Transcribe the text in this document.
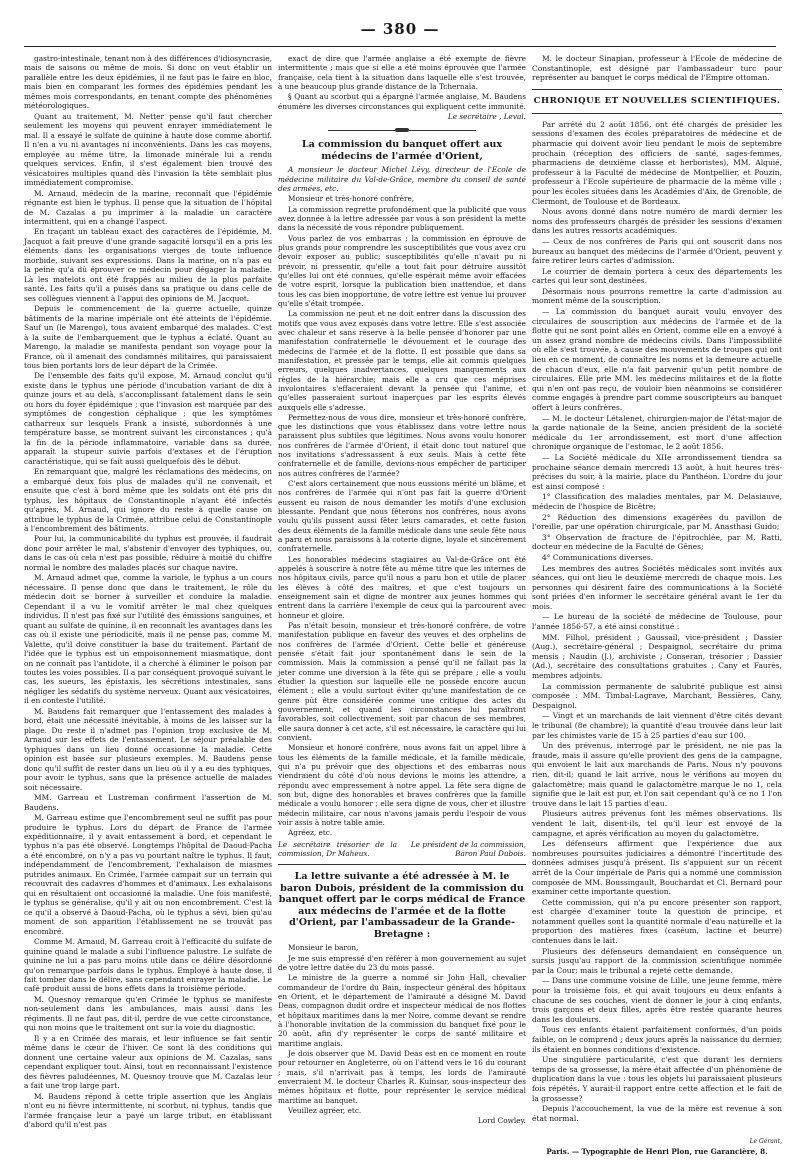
— 380 —

gastro-intestinale, tenant non à des différences d'idiosyncrasie, mais de saisons ou même de mois. Si donc on veut établir un parallèle entre les deux épidémies, il ne faut pas le faire en bloc, mais bien en comparant les formes des épidémies pendant les mêmes mois correspondants, en tenant compte des phénomènes météorologiques.

Quant au traitement, M. Netter pense qu'il faut chercher seulement les moyens qui peuvent enrayer immédiatement le mal. Il a essayé le sulfate de quinine à haute dose comme abortif. Il n'en a vu ni avantages ni inconvénients. Dans les cas moyens, employée au même titre, la limonade minérale lui a rendu quelques services. Enfin, il s'est également bien trouvé des vésicatoires multiples quand dès l'invasion la tête semblait plus immédiatement compromise.

M. Arnaud, médecin de la marine, reconnaît que l'épidémie régnante est bien le typhus. Il pense que la situation de l'hôpital de M. Cazalas a pu imprimer à la maladie un caractère intermittent, qui en a changé l'aspect.

En traçant un tableau exact des caractères de l'épidémie, M. Jacquot a fait preuve d'une grande sagacité lorsqu'il en a pris les éléments dans les organisations vierges de toute influence morbide, suivant ses expressions. Dans la marine, on n'a pas eu la peine qu'a dû éprouver ce médecin pour dégager la maladie. Là les matelots ont été frappés au milieu de la plus parfaite santé. Les faits qu'il a puisés dans sa pratique ou dans celle de ses collègues viennent à l'appui des opinions de M. Jacquot.

Depuis le commencement de la guerre actuelle, quinze bâtiments de la marine impériale ont été atteints de l'épidémie. Sauf un (le Marengo), tous avaient embarqué des malades. C'est à la suite de l'embarquement que le typhus a éclaté. Quant au Marengo, la maladie se manifesta pendant son voyage pour la France, où il amenait des condamnés militaires, qui paraissaient tous bien portants lors de leur départ de la Crimée.

De l'ensemble des faits qu'il expose, M. Arnaud conclut qu'il existe dans le typhus une période d'incubation variant de dix à quinze jours et au delà, s'accomplissant fatalement dans le sein ou hors du foyer épidémique ; que l'invasion est marquée par des symptômes de congestion céphalique ; que les symptômes catharreux sur lesquels Frank a insisté, subordonnés à une température basse, se montrent suivant les circonstances ; qu'à la fin de la période inflammatoire, variable dans sa durée, apparaît la stupeur suivie parfois d'extases et de l'éruption caractéristique, qui se fait aussi quelquefois dès le début.

En remarquant que, malgré les réclamations des médecins, on a embarqué deux fois plus de malades qu'il ne convenait, et ensuite que c'est à bord même que les soldats ont été pris du typhus, les hôpitaux de Constantinople n'ayant été infectés qu'après, M. Arnaud, qui ignore du reste à quelle cause on attribue le typhus de la Crimée, attribue celui de Constantinople à l'encombrement des bâtiments.

Pour lui, la communicabilité du typhus est prouvée, il faudrait donc pour arrêter le mal, s'abstenir d'envoyer des typhiques, ou, dans le cas où cela n'est pas possible, réduire à moitié du chiffre normal le nombre des malades placés sur chaque navire.

M. Arnaud admet que, comme la variole, le typhus a un cours nécessaire. Il pense donc que dans le traitement, le rôle du médecin doit se borner à surveiller et conduire la maladie. Cependant il a vu le vomitif arrêter le mal chez quelques individus. Il n'est pas fixé sur l'utilité des émissions sanguines, et quant au sulfate de quinine, il en reconnaît les avantages dans les cas où il existe une périodicité, mais il ne pense pas, comme M. Valette, qu'il doive constituer la base du traitement. Partant de l'idée que le typhus est un empoisonnement miasmatique, dont on ne connaît pas l'antidote, il a cherché à éliminer le poison par toutes les voies possibles. Il a par conséquent provoqué suivant le cas, les sueurs, les épistaxis, les sécrétions intestinales, sans négliger les sédatifs du système nerveux. Quant aux vésicatoires, il en conteste l'utilité.

M. Baudens fait remarquer que l'entassement des malades à bord, était une nécessité inévitable, à moins de les laisser sur la plage. Du reste il n'admet pas l'opinion trop exclusive de M. Arnaud sur les effets de l'entassement. Le séjour préalable des typhiques dans un lieu donné occasionne la maladie. Cette opinion est basée sur plusieurs exemples. M. Baudens pense donc qu'il suffit de rester dans un lieu où il y a eu des typhiques, pour avoir le typhus, sans que la présence actuelle de malades soit nécessaire.

MM. Garreau et Lustreman confirment l'assertion de M. Baudens.

M. Garreau estime que l'encombrement seul ne suffit pas pour produire le typhus. Lors du départ de France de l'armée expéditionnaire, il y avait entassement à bord, et cependant le typhus n'a pas été observé. Longtemps l'hôpital de Daoud-Pacha a été encombré, on n'y a pas vu pourtant naître le typhus. Il faut, indépendamment de l'encombrement, l'exhalaison de miasmes putrides animaux. En Crimée, l'armée campait sur un terrain qui recouvrait des cadavres d'hommes et d'animaux. Les exhalaisons qui en résultaient ont occasionné la maladie. Une fois manifesté, le typhus se généralise, qu'il y ait ou non encombrement. C'est là ce qu'il a observé à Daoud-Pacha, où le typhus a sévi, bien qu'au moment de son apparition l'établissement ne se trouvât pas encombré.

Comme M. Arnaud, M. Garreau croit à l'efficacité du sulfate de quinine quand le malade a subi l'influence palustre. Le sulfate de quinine ne lui a pas paru moins utile dans ce délire désordonné qu'on remarque parfois dans le typhus. Employé à haute dose, il fait tomber dans le délire, sans cependant enrayer la maladie. Le café produit aussi de bons effets dans la troisième période.

M. Quesnoy remarque qu'en Crimée le typhus se manifeste non-seulement dans les ambulances, mais aussi dans les régiments. Il ne faut pas, dit-il, perdre de vue cette circonstance, qui non moins que le traitement ont sur la voie du diagnostic.

Il y a en Crimée des marais, et leur influence se fait sentir même dans le cœur de l'hiver. Ce sont là des conditions qui donnent une certaine valeur aux opinions de M. Cazalas, sans cependant expliquer tout. Ainsi, tout en reconnaissant l'existence des fièvres paludéennes, M. Quesnoy trouve que M. Cazalas leur a fait une trop large part.

M. Baudens répond à cette triple assertion que les Anglais n'ont eu ni fièvre intermittente, ni scorbut, ni typhus, tandis que l'armée française leur a payé un large tribut, en établissant d'abord qu'il n'est pas

exact de dire que l'armée anglaise a été exempte de fièvre intermittente ; mais que si elle a été moins éprouvée que l'armée française, cela tient à la situation dans laquelle elle s'est trouvée, à une beaucoup plus grande distance de la Tchernaïa.

§ Quant au scorbut qui a épargné l'armée anglaise, M. Baudens énumère les diverses circonstances qui expliquent cette immunité.

Le secrétaire , Leval.

La commission du banquet offert aux médecins de l'armée d'Orient,

A monsieur le docteur Michel Lévy, directeur de l'Ecole de médecine militaire du Val-de-Grâce, membre du conseil de santé des armées, etc.

Monsieur et très-honoré confrère,

La commission regrette profondément que la publicité que vous avez donnée à la lettre adressée par vous à son président la mette dans la nécessité de vous répondre publiquement.

Vous parlez de vos embarras ; la commission en éprouve de plus grands pour comprendre les susceptibilités que vous avez cru devoir exposer au public; susceptibilités qu'elle n'avait pu ni prévoir, ni pressentir, qu'elle a tout fait pour détruire aussitôt qu'elles lui ont été connues, qu'elle espérait même avoir effacées de votre esprit, lorsque la publication bien inattendue, et dans tous les cas bien inopportune, de votre lettre est venue lui prouver qu'elle s'était trompée.

La commission ne peut et ne doit entrer dans la discussion des motifs que vous avez exposés dans votre lettre. Elle s'est associée avec chaleur et sans réserve à la belle pensée d'honorer par une manifestation confraternelle le dévouement et le courage des médecins de l'armée et de la flotte. Il est possible que dans sa manifestation, et pressée par le temps, elle ait commis quelques erreurs, quelques inadvertances, quelques manquements aux règles de la hiérarchie; mais elle a cru que ces méprises involontaires s'effaceraient devant la pensée qui l'anime, et qu'elles passeraient surtout inaperçues par les esprits élevés auxquels elle s'adresse.

Permettez-nous de vous dire, monsieur et très-honoré confrère, que les distinctions que vous établissez dans votre lettre nous paraissent plus subtiles que légitimes. Nous avons voulu honorer nos confrères de l'armée d'Orient, il était donc tout naturel que nos invitations s'adressassent à eux seuls. Mais à cette fête confraternelle et de famille, devions-nous empêcher de participer nos autres confrères de l'armée?

C'est alors certainement que nous eussions mérité un blâme, et nos confrères de l'armée qui n'ont pas fait la guerre d'Orient eussent eu raison de nous demander les motifs d'une exclusion blessante. Pendant que nous fêterons nos confrères, nous avons voulu qu'ils pussent aussi fêter leurs camarades, et cette fusion des deux éléments de la famille médicale dans une seule fête nous a paru et nous paraissons à la coterie digne, loyale et sincèrement confraternelle.

Les honorables médecins stagiaires au Val-de-Grâce ont été appelés à souscrire à notre fête au même titre que les internes de nos hôpitaux civils, parce qu'il nous a paru bon et utile de placer les élèves à côté des maîtres, et que c'est toujours un enseignement sain et digne de montrer aux jeunes hommes qui entrent dans la carrière l'exemple de ceux qui la parcourent avec honneur et gloire.

Pas n'était besoin, monsieur et très-honoré confrère, de votre manifestation publique en faveur des veuves et des orphelins de nos confrères de l'armée d'Orient. Cette belle et généreuse pensée s'était fait jour spontanément dans le sein de la commission. Mais la commission a pensé qu'il ne fallait pas la jeter comme une diversion à la fête qui se prépare ; elle a voulu étudier la question sur laquelle elle ne possède encore aucun élément ; elle a voulu surtout éviter qu'une manifestation de ce genre pût être considérée comme une critique des actes du gouvernement, et quand les circonstances lui paraîtront favorables, soit collectivement, soit par chacun de ses membres, elle saura donner à cet acte, s'il est nécessaire, le caractère qui lui convient.

Monsieur et honoré confrère, nous avons fait un appel libre à tous les éléments de la famille médicale, et la famille médicale, qui n'a pu prévoir que des objections et des embarras nous viendraient du côté d'où nous devions le moins les attendre, a répondu avec empressement à notre appel. La fête sera digne de son but, digne des honorables et braves confrères que la famille médicale a voulu honorer ; elle sera digne de vous, cher et illustre médecin militaire, car nous n'avons jamais perdu l'espoir de vous voir assis à notre table amie.

Agréez, etc.

Le secrétaire trésorier de la commission, Dr Maheux.
Le président de la commission, Baron Paul Dubois.
La lettre suivante a été adressée à M. le baron Dubois, président de la commission du banquet offert par le corps médical de France aux médecins de l'armée et de la flotte d'Orient, par l'ambassadeur de la Grande-Bretagne :

Monsieur le baron,

Je me suis empressé d'en référer à mon gouvernement au sujet de votre lettre datée du 23 du mois passé.

Le ministre de la guerre a nommé sir John Hall, chevalier commandeur de l'ordre du Bain, inspecteur général des hôpitaux en Orient, et le département de l'amirauté a désigné M. David Deas, compagnon dudit ordre et inspecteur médical de nos flottes et hôpitaux maritimes dans la mer Noire, comme devant se rendre à l'honorable invitation de la commission du banquet fixé pour le 20 août, afin d'y représenter le corps de santé militaire et maritime anglais.

Je dois observer que M. David Deas est en ce moment en route pour retourner en Angleterre, où on l'attend vers le 16 du courant ; mais, s'il n'arrivait pas à temps, les lords de l'amirauté enverraient M. le docteur Charles R. Kuinsar, sous-inspecteur des mêmes hôpitaux et flotte, pour représenter le service médical maritime au banquet.

Veuillez agréer, etc.

Lord Cowley.

M. le docteur Sinapian, professeur à l'Ecole de médecine de Constantinople, est désigné par l'ambassadeur turc pour représenter au banquet le corps médical de l'Empire ottoman.

CHRONIQUE ET NOUVELLES SCIENTIFIQUES.

Par arrêté du 2 août 1856, ont été chargés de présider les sessions d'examen des écoles préparatoires de médecine et de pharmacie qui doivent avoir lieu pendant le mois de septembre prochain (réception des officiers de santé, sages-femmes, pharmaciens de deuxième classe et herboristes), MM. Alquié, professeur à la Faculté de médecine de Montpellier, et Pouzin, professeur à l'Ecole supérieure de pharmacie de la même ville ; pour les écoles situées dans les Académies d'Aix, de Grenoble, de Clermont, de Toulouse et de Bordeaux.

Nous avons donné dans notre numéro de mardi dernier les noms des professeurs chargés de présider les sessions d'examen dans les autres ressorts académiques.

— Ceux de nos confrères de Paris qui ont souscrit dans nos bureaux au banquet des médecins de l'armée d'Orient, peuvent y faire retirer leurs cartes d'admission.

Le courrier de demain portera à ceux des départements les cartes qui leur sont destinées.

Désormais nous pourrons remettre la carte d'admission au moment même de la souscription.

— La commission du banquet aurait voulu envoyer des circulaires de souscription aux médecins de l'armée et de la flotte qui ne sont point allés en Orient, comme elle en a envoyé à un assez grand nombre de médecins civils. Dans l'impossibilité où elle s'est trouvée, à cause des mouvements de troupes qui ont lieu en ce moment, de connaître les noms et la demeure actuelle de chacun d'eux, elle n'a fait parvenir qu'un petit nombre de circulaires. Elle prie MM. les médecins militaires et de la flotte qui n'en ont pas reçu, de vouloir bien néanmoins se considérer comme engagés à prendre part comme souscripteurs au banquet offert à leurs confrères.

— M. le docteur Létalenet, chirurgien-major de l'état-major de la garde nationale de la Seine, ancien président de la société médicale du 1er arrondissement, est mort d'une affection chronique organique de l'estomac, le 2 août 1856.

— La Société médicale du XIIe arrondissement tiendra sa prochaine séance demain mercredi 13 août, à huit heures très-précises du soir, à la mairie, place du Panthéon. L'ordre du jour est ainsi composé :

1° Classification des maladies mentales, par M. Delasiauve, médecin de l'hospice de Bicêtre;

2° Réduction des dimensions exagérées du pavillon de l'oreille, par une opération chirurgicale, par M. Anasthasi Guido;

3° Observation de fracture de l'épitrochlée, par M. Ratti, docteur en médecine de la Faculté de Gênes;

4° Communications diverses.

Les membres des autres Sociétés médicales sont invités aux séances, qui ont lieu le deuxième mercredi de chaque mois. Les personnes qui désirent faire des communications à la Société sont priées d'en informer le secrétaire général avant le 1er du mois.

— Le bureau de la société de médecine de Toulouse, pour l'année 1856-57, a été ainsi constitué :

MM. Filhol, président ; Gaussail, vice-président ; Dassier (Aug.), secrétaire-général ; Despaignol, secrétaire du prima mensis ; Naudin (J.), archiviste ; Conseran, trésorier ; Dassier (Ad.), secrétaire des consultations gratuites ; Cany et Faurès, membres adjoints.

La commission permanente de salubrité publique est ainsi composée : MM. Timbal-Lagrave, Marchant, Bessières, Cany, Despaignol.

— Vingt et un marchands de lait viennent d'être cités devant le tribunal (8e chambre); la quantité d'eau trouvée dans leur lait par les chimistes varie de 15 à 25 parties d'eau sur 100.

Un des prévenus, interrogé par le président, ne nie pas la fraude, mais il assure qu'elle provient des gens de la campagne, qui envoient le lait aux marchands de Paris. Nous n'y pouvons rien, dit-il; quand le lait arrive, nous le vérifions au moyen du galactomètre; mais quand le galactomètre marque le no 1, cela signifie que le lait est pur, et l'on sait cependant qu'à ce no 1 l'on trouve dans le lait 15 parties d'eau.

Plusieurs autres prévenus font les mêmes observations. Ils vendent le lait, disent-ils, tel qu'il leur est envoyé de la campagne, et après vérification au moyen du galactomètre.

Les défenseurs affirment que l'expérience due aux nombreuses poursuites judiciaires a démontré l'incertitude des données admises jusqu'à présent. Ils s'appuient sur un récent arrêt de la Cour impériale de Paris qui a nommé une commission composée de MM. Boussingault, Bouchardat et Cl. Bernard pour examiner cette importante question.

Cette commission, qui n'a pu encore présenter son rapport, est chargée d'examiner toute la question de principe, et notamment quelles sont la quantité normale d'eau naturelle et la proportion des matières fixes (caséum, lactine et beurre) contenues dans le lait.

Plusieurs des défenseurs demandaient en conséquence un sursis jusqu'au rapport de la commission scientifique nommée par la Cour; mais le tribunal a rejeté cette demande.

— Dans une commune voisine de Lille, une jeune femme, mère pour la troisième fois, et qui avait toujours eu deux enfants à chacune de ses couches, vient de donner le jour à cinq enfants, trois garçons et deux filles, après être restée quarante heures dans les douleurs.

Tous ces enfants étaient parfaitement conformés, d'un poids faible, on le comprend ; deux jours après la naissance du dernier, ils étaient en bonnes conditions d'existence.

Une singulière particularité, c'est que durant les derniers temps de sa grossesse, la mère était affectée d'un phénomène de duplication dans la vue : tous les objets lui paraissaient plusieurs fois répétés. Y aurait-il rapport entre cette affection et le fait de la grossesse?

Depuis l'accouchement, la vue de la mère est revenue à son état normal.

Le Gérant,
Paris. — Typographie de Henri Plon, rue Garancière, 8.
